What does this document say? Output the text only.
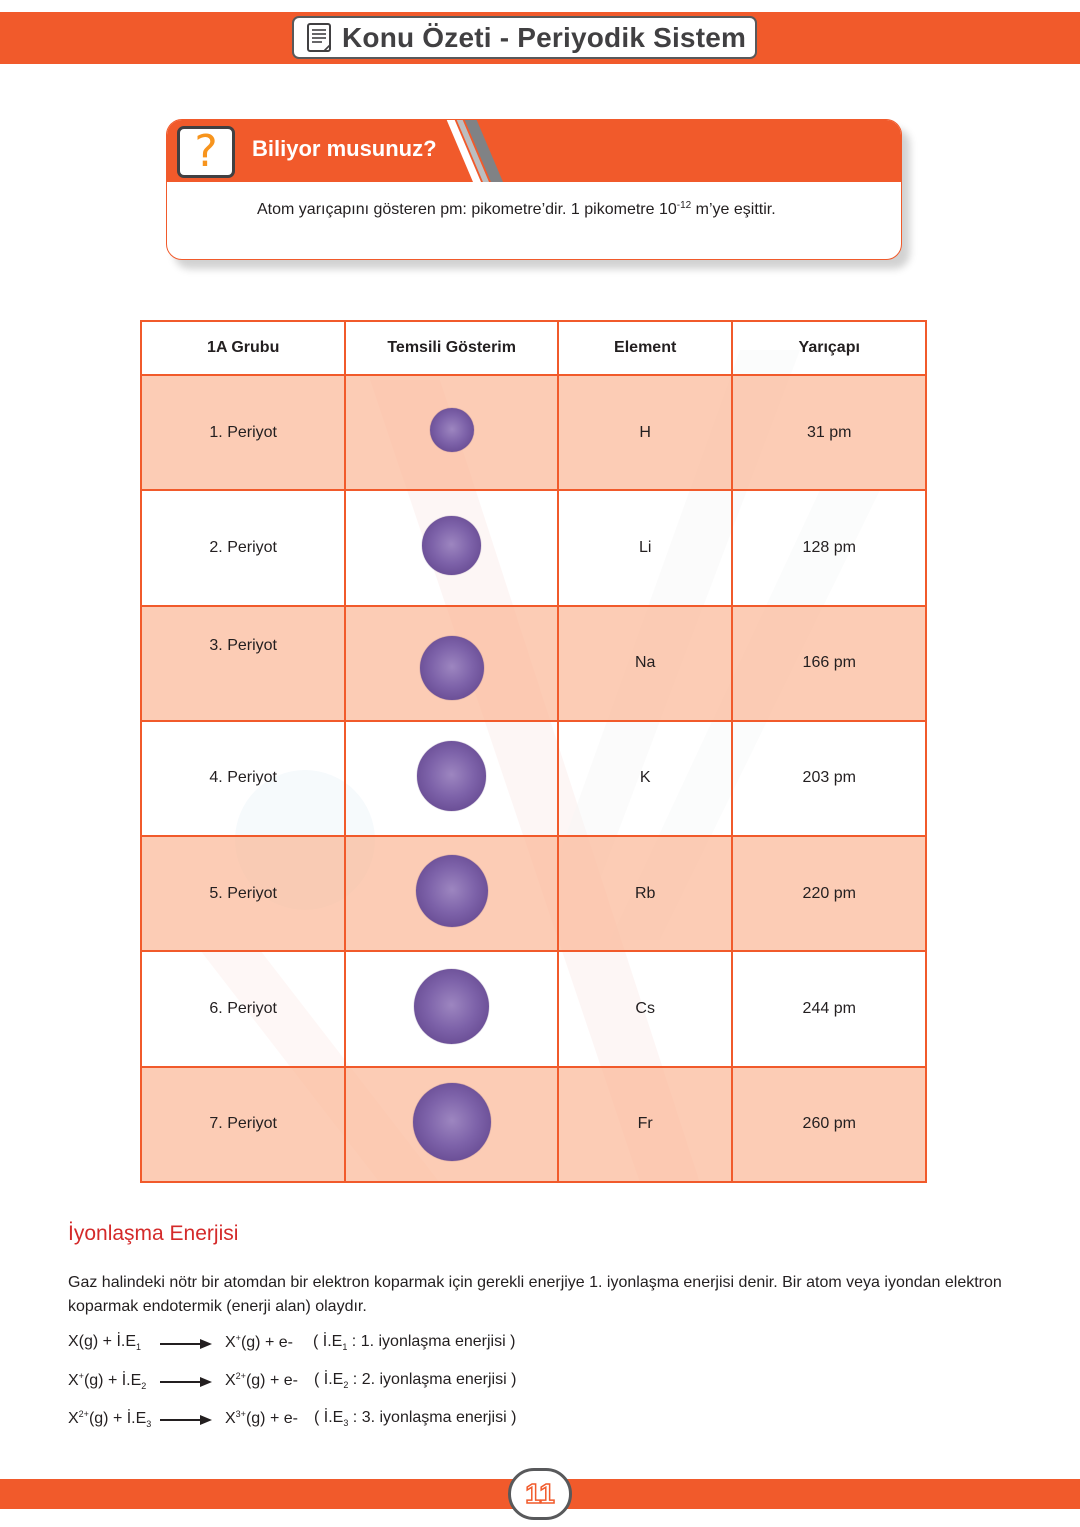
Konu Özeti - Periyodik Sistem
?	Biliyor musunuz?
Atom yarıçapını gösteren pm: pikometre’dir. 1 pikometre $10^{-12}$ m’ye eşittir.
1A Grubu	Temsili Gösterim	Element	Yarıçapı
1. Periyot		H	31 pm
2. Periyot		Li	128 pm
3. Periyot		Na	166 pm
4. Periyot		K	203 pm
5. Periyot		Rb	220 pm
6. Periyot		Cs	244 pm
7. Periyot		Fr	260 pm
İyonlaşma Enerjisi
Gaz halindeki nötr bir atomdan bir elektron koparmak için gerekli enerjiye 1. iyonlaşma enerjisi denir. Bir atom veya iyondan elektron koparmak endotermik (enerji alan) olaydır.
$X(g) + İ.E_1 \to X^+(g) + e-$ ( $İ.E_1$ : 1. iyonlaşma enerjisi )
$X^+(g) + İ.E_2 \to X^{2+}(g) + e-$ ( $İ.E_2$ : 2. iyonlaşma enerjisi )
$X^{2+}(g)$ + $İ.E_3 \to X^{3+}(g) + e-$ ( $İ.E_3$ : 3. iyonlaşma enerjisi )
11
